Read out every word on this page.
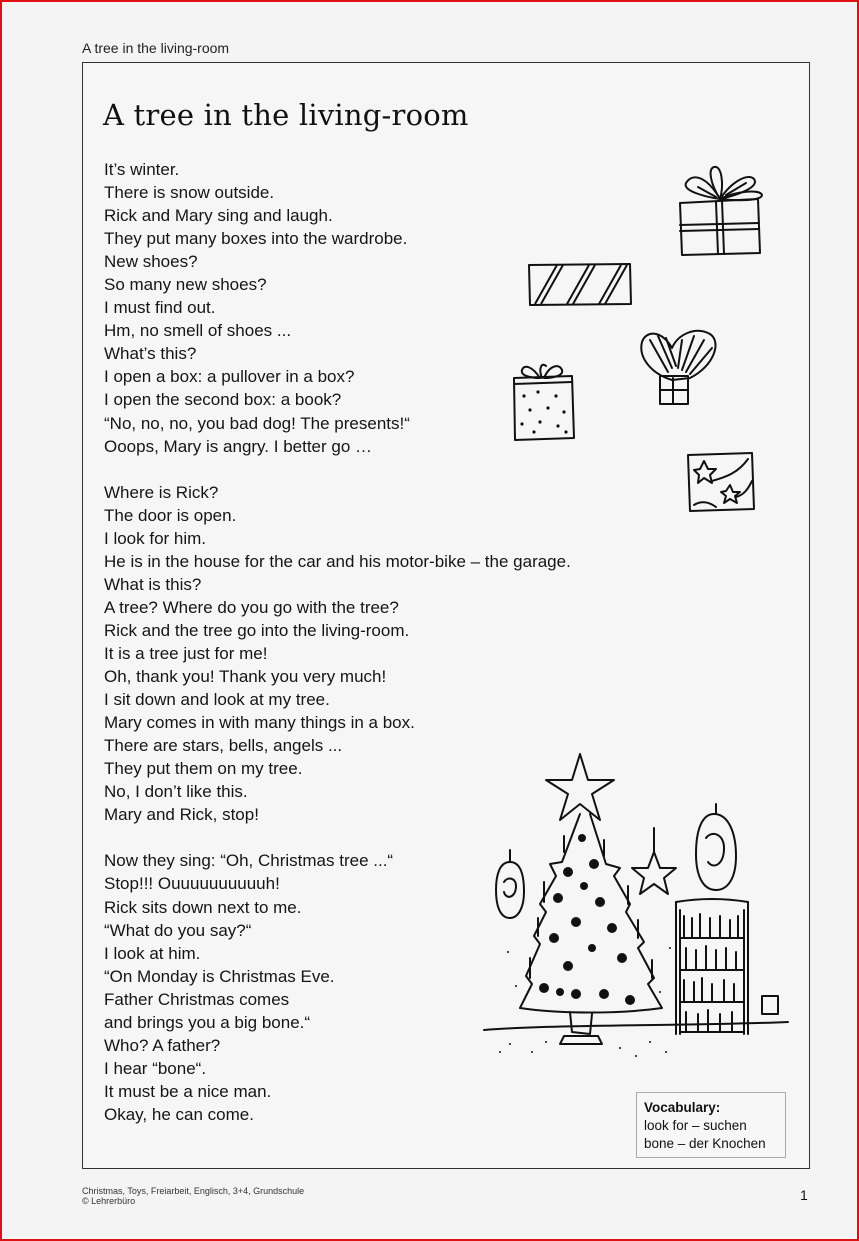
A tree in the living-room
A tree in the living-room
It’s winter.
There is snow outside.
Rick and Mary sing and laugh.
They put many boxes into the wardrobe.
New shoes?
So many new shoes?
I must find out.
Hm, no smell of shoes ...
What’s this?
I open a box: a pullover in a box?
I open the second box: a book?
“No, no, no, you bad dog! The presents!“
Ooops, Mary is angry. I better go …
Where is Rick?
The door is open.
I look for him.
He is in the house for the car and his motor-bike – the garage.
What is this?
A tree? Where do you go with the tree?
Rick and the tree go into the living-room.
It is a tree just for me!
Oh, thank you! Thank you very much!
I sit down and look at my tree.
Mary comes in with many things in a box.
There are stars, bells, angels ...
They put them on my tree.
No, I don’t like this.
Mary and Rick, stop!
Now they sing: “Oh, Christmas tree ...“
Stop!!! Ouuuuuuuuuuh!
Rick sits down next to me.
“What do you say?“
I look at him.
“On Monday is Christmas Eve.
Father Christmas comes
and brings you a big bone.“
Who? A father?
I hear “bone“.
It must be a nice man.
Okay, he can come.	Vocabulary:
look for – suchen
bone – der Knochen
Christmas, Toys, Freiarbeit, Englisch, 3+4, Grundschule
© Lehrerbüro	1
